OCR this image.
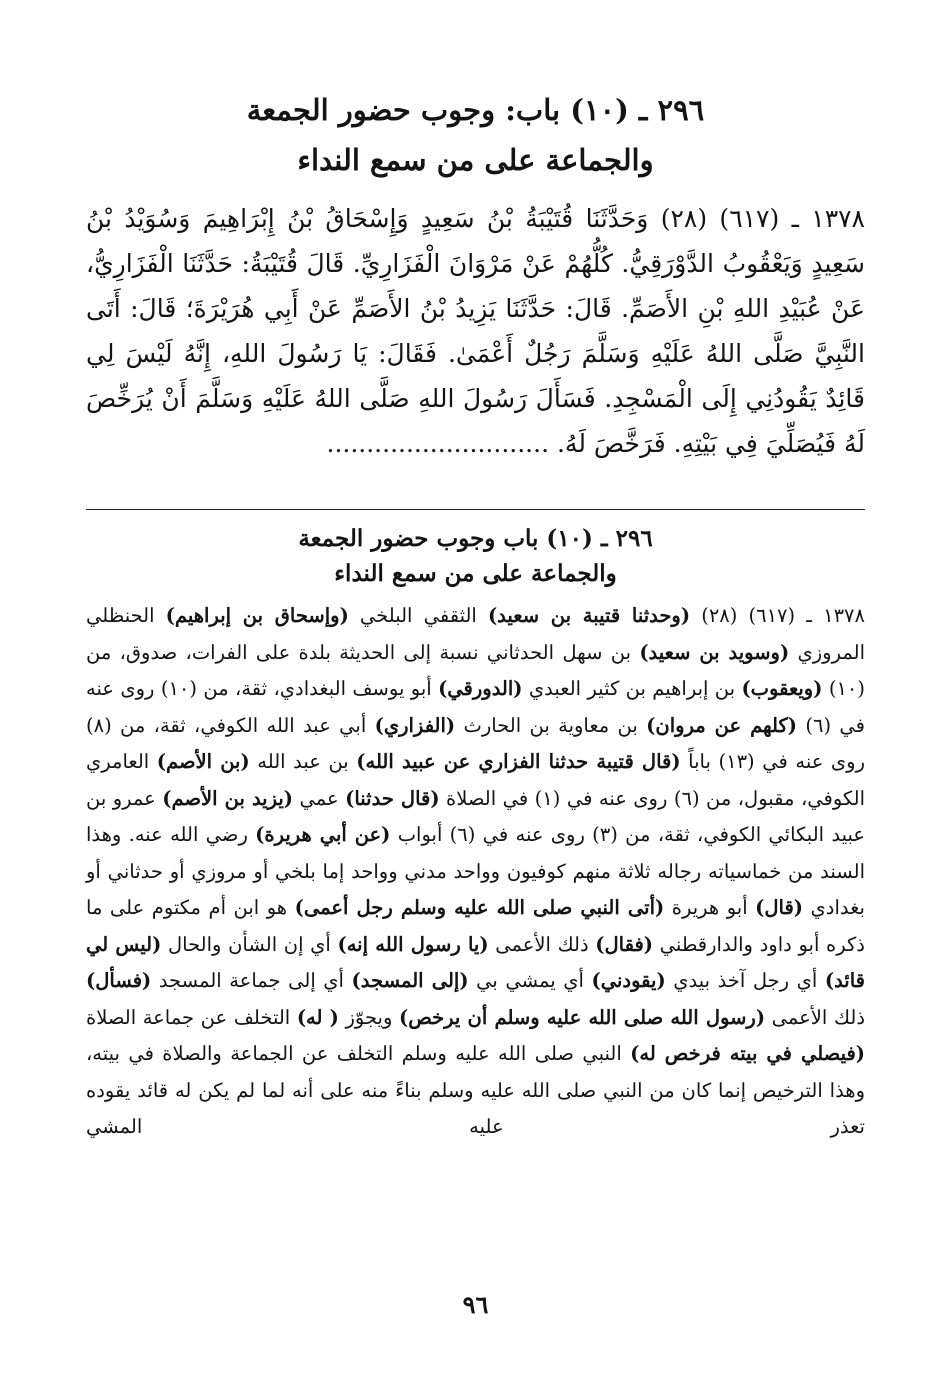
٢٩٦ ـ (١٠) باب: وجوب حضور الجمعة
والجماعة على من سمع النداء
١٣٧٨ ـ (٦١٧) (٢٨) وَحَدَّثَنَا قُتَيْبَةُ بْنُ سَعِيدٍ وَإِسْحَاقُ بْنُ إِبْرَاهِيمَ وَسُوَيْدُ بْنُ سَعِيدٍ وَيَعْقُوبُ الدَّوْرَقِيُّ. كُلُّهُمْ عَنْ مَرْوَانَ الْفَزَارِيِّ. قَالَ قُتَيْبَةُ: حَدَّثَنَا الْفَزَارِيُّ، عَنْ عُبَيْدِ اللهِ بْنِ الأَصَمِّ. قَالَ: حَدَّثَنَا يَزِيدُ بْنُ الأَصَمِّ عَنْ أَبِي هُرَيْرَةَ؛ قَالَ: أَتَى النَّبِيَّ صَلَّى اللهُ عَلَيْهِ وَسَلَّمَ رَجُلٌ أَعْمَىٰ. فَقَالَ: يَا رَسُولَ اللهِ، إِنَّهُ لَيْسَ لِي قَائِدٌ يَقُودُنِي إِلَى الْمَسْجِدِ. فَسَأَلَ رَسُولَ اللهِ صَلَّى اللهُ عَلَيْهِ وَسَلَّمَ أَنْ يُرَخِّصَ لَهُ فَيُصَلِّيَ فِي بَيْتِهِ. فَرَخَّصَ لَهُ. ............................
٢٩٦ ـ (١٠) باب وجوب حضور الجمعة
والجماعة على من سمع النداء
١٣٧٨ ـ (٦١٧) (٢٨) (وحدثنا قتيبة بن سعيد) الثقفي البلخي (وإسحاق بن إبراهيم) الحنظلي المروزي (وسويد بن سعيد) بن سهل الحدثاني نسبة إلى الحديثة بلدة على الفرات، صدوق، من (١٠) (ويعقوب) بن إبراهيم بن كثير العبدي (الدورقي) أبو يوسف البغدادي، ثقة، من (١٠) روى عنه في (٦) (كلهم عن مروان) بن معاوية بن الحارث (الفزاري) أبي عبد الله الكوفي، ثقة، من (٨) روى عنه في (١٣) باباً (قال قتيبة حدثنا الفزاري عن عبيد الله) بن عبد الله (بن الأصم) العامري الكوفي، مقبول، من (٦) روى عنه في (١) في الصلاة (قال حدثنا) عمي (يزيد بن الأصم) عمرو بن عبيد البكائي الكوفي، ثقة، من (٣) روى عنه في (٦) أبواب (عن أبي هريرة) رضي الله عنه. وهذا السند من خماسياته رجاله ثلاثة منهم كوفيون وواحد مدني وواحد إما بلخي أو مروزي أو حدثاني أو بغدادي (قال) أبو هريرة (أتى النبي صلى الله عليه وسلم رجل أعمى) هو ابن أم مكتوم على ما ذكره أبو داود والدارقطني (فقال) ذلك الأعمى (يا رسول الله إنه) أي إن الشأن والحال (ليس لي قائد) أي رجل آخذ بيدي (يقودني) أي يمشي بي (إلى المسجد) أي إلى جماعة المسجد (فسأل) ذلك الأعمى (رسول الله صلى الله عليه وسلم أن يرخص) ويجوّز ( له) التخلف عن جماعة الصلاة (فيصلي في بيته فرخص له) النبي صلى الله عليه وسلم التخلف عن الجماعة والصلاة في بيته، وهذا الترخيص إنما كان من النبي صلى الله عليه وسلم بناءً منه على أنه لما لم يكن له قائد يقوده تعذر عليه المشي
٩٦
